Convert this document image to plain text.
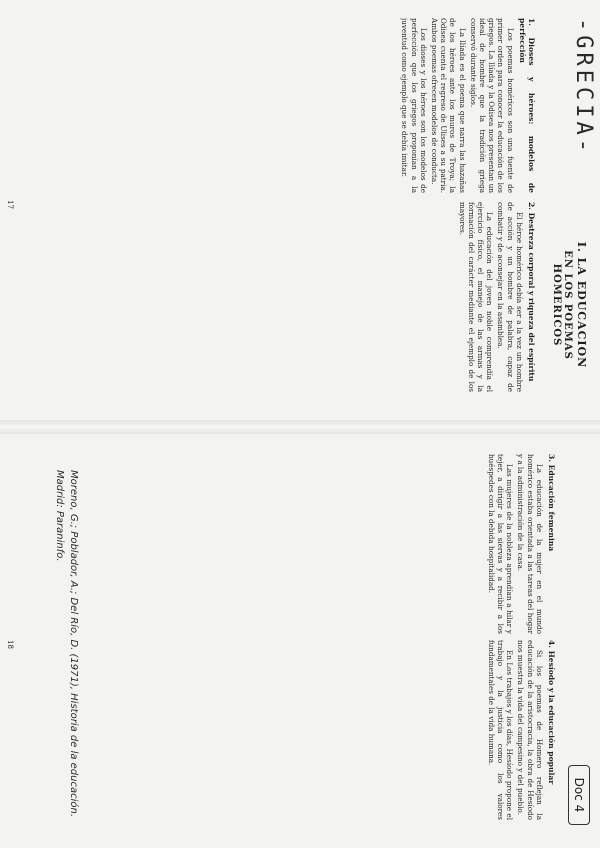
-GRECIA-
I. LA EDUCACION
EN LOS POEMAS HOMERICOS
1. Dioses y héroes: modelos de perfección

Los poemas homéricos son una fuente de primer orden para conocer la educación de los griegos. La Ilíada y la Odisea nos presentan un ideal de hombre que la tradición griega conservó durante siglos.

La Ilíada es el poema que narra las hazañas de los héroes ante los muros de Troya; la Odisea cuenta el regreso de Ulises a su patria. Ambos poemas ofrecen modelos de conducta.

Los dioses y los héroes son los modelos de perfección que los griegos proponían a la juventud como ejemplo que se debía imitar.

2. Destreza corporal y riqueza del espíritu

El héroe homérico debía ser a la vez un hombre de acción y un hombre de palabra, capaz de combatir y de aconsejar en la asamblea.

La educación del joven noble comprendía el ejercicio físico, el manejo de las armas y la formación del carácter mediante el ejemplo de los mayores.

Doc 4
3. Educación femenina

La educación de la mujer en el mundo homérico estaba orientada a las tareas del hogar y a la administración de la casa.

Las mujeres de la nobleza aprendían a hilar y tejer, a dirigir a las siervas y a recibir a los huéspedes con la debida hospitalidad.

4. Hesíodo y la educación popular

Si los poemas de Homero reflejan la educación de la aristocracia, la obra de Hesíodo nos muestra la vida del campesino y del pueblo.

En Los trabajos y los días, Hesíodo propone el trabajo y la justicia como los valores fundamentales de la vida humana.

Moreno, G.; Poblador, A.; Del Río, D. (1971), Historia de la educación. Madrid: Paraninfo.
17
18
